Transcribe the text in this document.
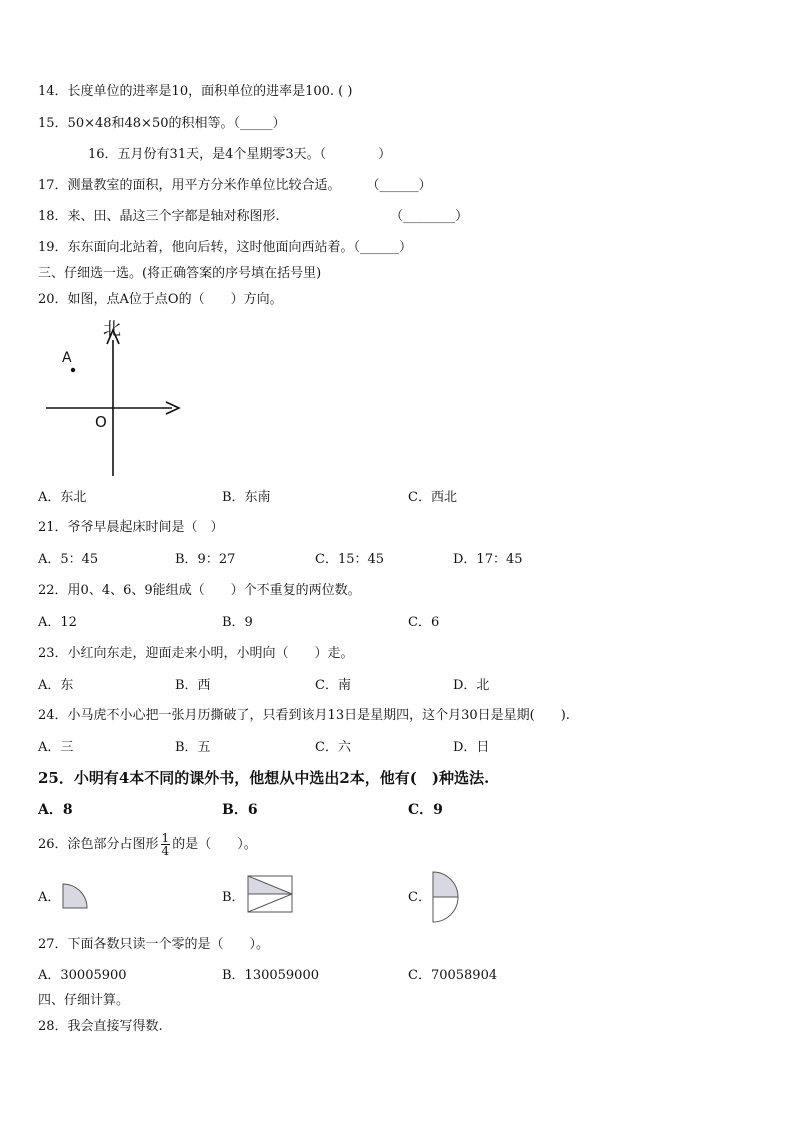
14．长度单位的进率是10，面积单位的进率是100. ( )
15．50×48和48×50的积相等。（_____）
16．五月份有31天，是4个星期零3天。（　　　　）
17．测量教室的面积，用平方分米作单位比较合适。　　　（______）
18．来、田、晶这三个字都是轴对称图形.　　　　　　　　　（________）
19．东东面向北站着，他向后转，这时他面向西站着。（______）
三、仔细选一选。(将正确答案的序号填在括号里)
20．如图，点A位于点O的（　　）方向。
北
A
O
A．东北	B．东南	C．西北
21．爷爷早晨起床时间是（　）
A．5：45	B．9：27	C．15：45	D．17：45
22．用0、4、6、9能组成（　　）个不重复的两位数。
A．12	B．9	C．6
23．小红向东走，迎面走来小明，小明向（　　）走。
A．东	B．西	C．南	D．北
24．小马虎不小心把一张月历撕破了，只看到该月13日是星期四，这个月30日是星期(　　).
A．三	B．五	C．六	D．日
25．小明有4本不同的课外书，他想从中选出2本，他有(　)种选法.
A．8	B．6	C．9
26．涂色部分占图形 $\frac{1}{4}$ 的是（　　）。
A．	B．	C．
27．下面各数只读一个零的是（　　）。
A．30005900	B．130059000	C．70058904
四、仔细计算。
28．我会直接写得数.
